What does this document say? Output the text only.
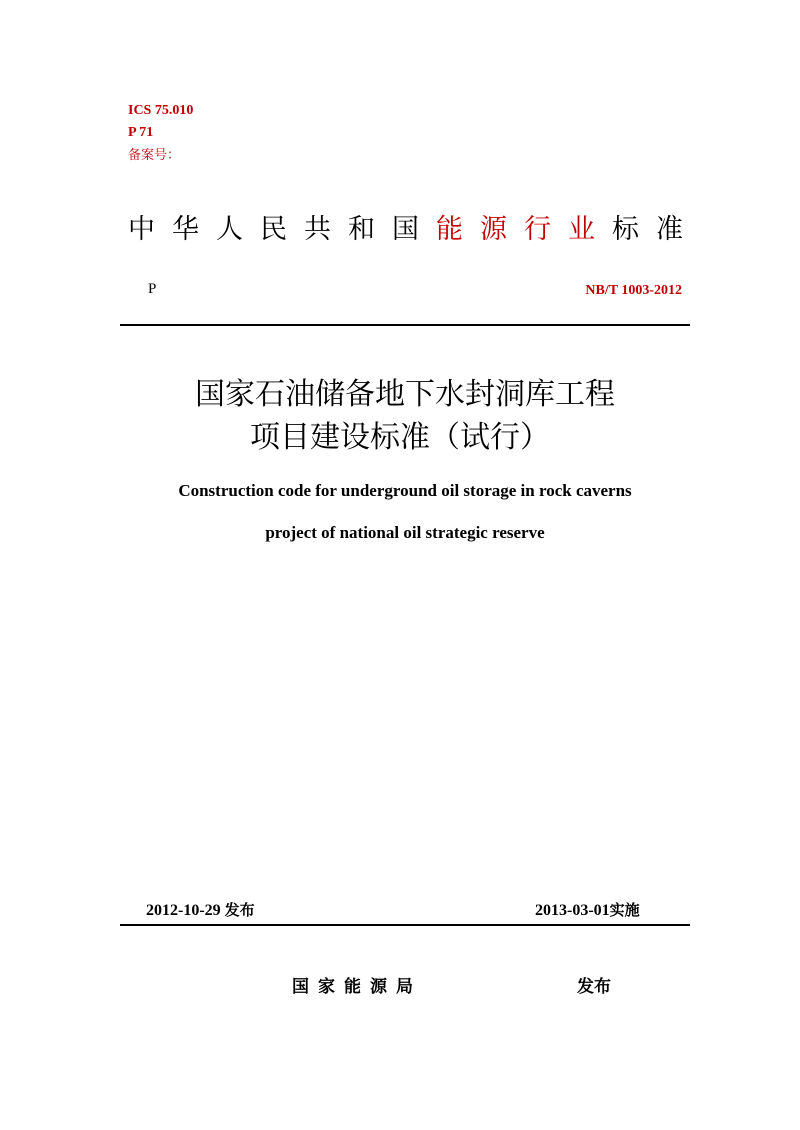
ICS 75.010
P 71
备案号：
中 华 人 民 共 和 国 能 源 行 业 标 准
P	NB/T 1003-2012
国家石油储备地下水封洞库工程
项目建设标准（试行）
Construction code for underground oil storage in rock caverns
project of national oil strategic reserve
2012-10-29 发布	2013-03-01实施
国家能源局	发布
